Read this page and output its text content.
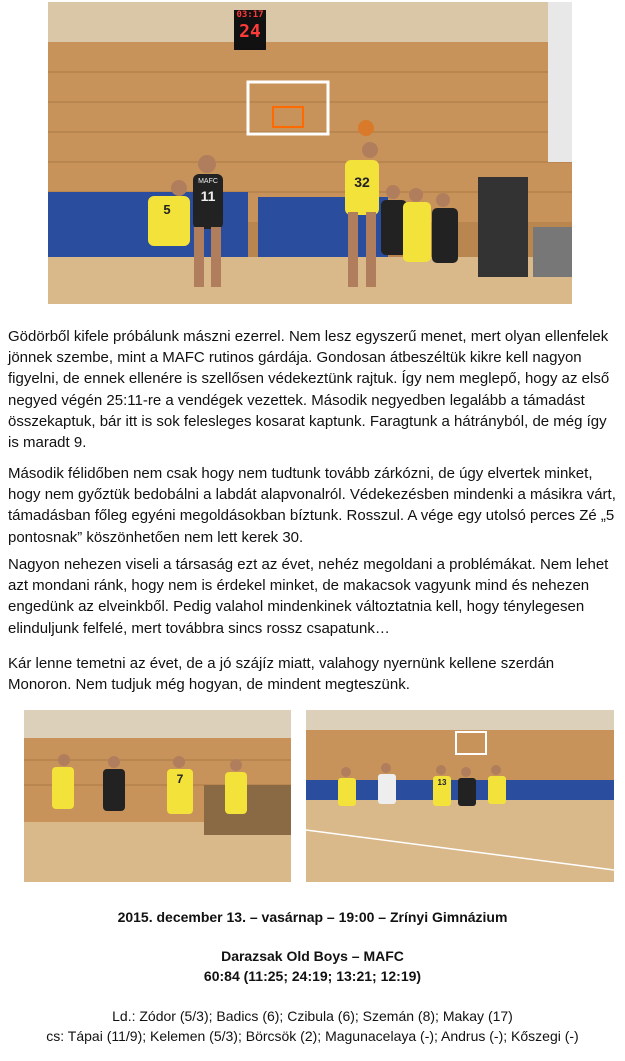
03:17
24
MAFC
11
32
5

Gödörből kifele próbálunk mászni ezerrel. Nem lesz egyszerű menet, mert olyan ellenfelek jönnek szembe, mint a MAFC rutinos gárdája. Gondosan átbeszéltük kikre kell nagyon figyelni, de ennek ellenére is szellősen védekeztünk rajtuk. Így nem meglepő, hogy az első negyed végén 25:11-re a vendégek vezettek. Második negyedben legalább a támadást összekaptuk, bár itt is sok felesleges kosarat kaptunk. Faragtunk a hátrányból, de még így is maradt 9.

Második félidőben nem csak hogy nem tudtunk tovább zárkózni, de úgy elvertek minket, hogy nem győztük bedobálni a labdát alapvonalról. Védekezésben mindenki a másikra várt, támadásban főleg egyéni megoldásokban bíztunk. Rosszul. A vége egy utolsó perces Zé „5 pontosnak” köszönhetően nem lett kerek 30.

Nagyon nehezen viseli a társaság ezt az évet, nehéz megoldani a problémákat. Nem lehet azt mondani ránk, hogy nem is érdekel minket, de makacsok vagyunk mind és nehezen engedünk az elveinkből. Pedig valahol mindenkinek változtatnia kell, hogy ténylegesen elinduljunk felfelé, mert továbbra sincs rossz csapatunk…

Kár lenne temetni az évet, de a jó szájíz miatt, valahogy nyernünk kellene szerdán Monoron. Nem tudjuk még hogyan, de mindent megteszünk.

7	13
2015. december 13. – vasárnap – 19:00 – Zrínyi Gimnázium
Darazsak Old Boys – MAFC
60:84 (11:25; 24:19; 13:21; 12:19)
Ld.: Zódor (5/3); Badics (6); Czibula (6); Szemán (8); Makay (17)
cs: Tápai (11/9); Kelemen (5/3); Börcsök (2); Magunacelaya (-); Andrus (-); Kőszegi (-)
